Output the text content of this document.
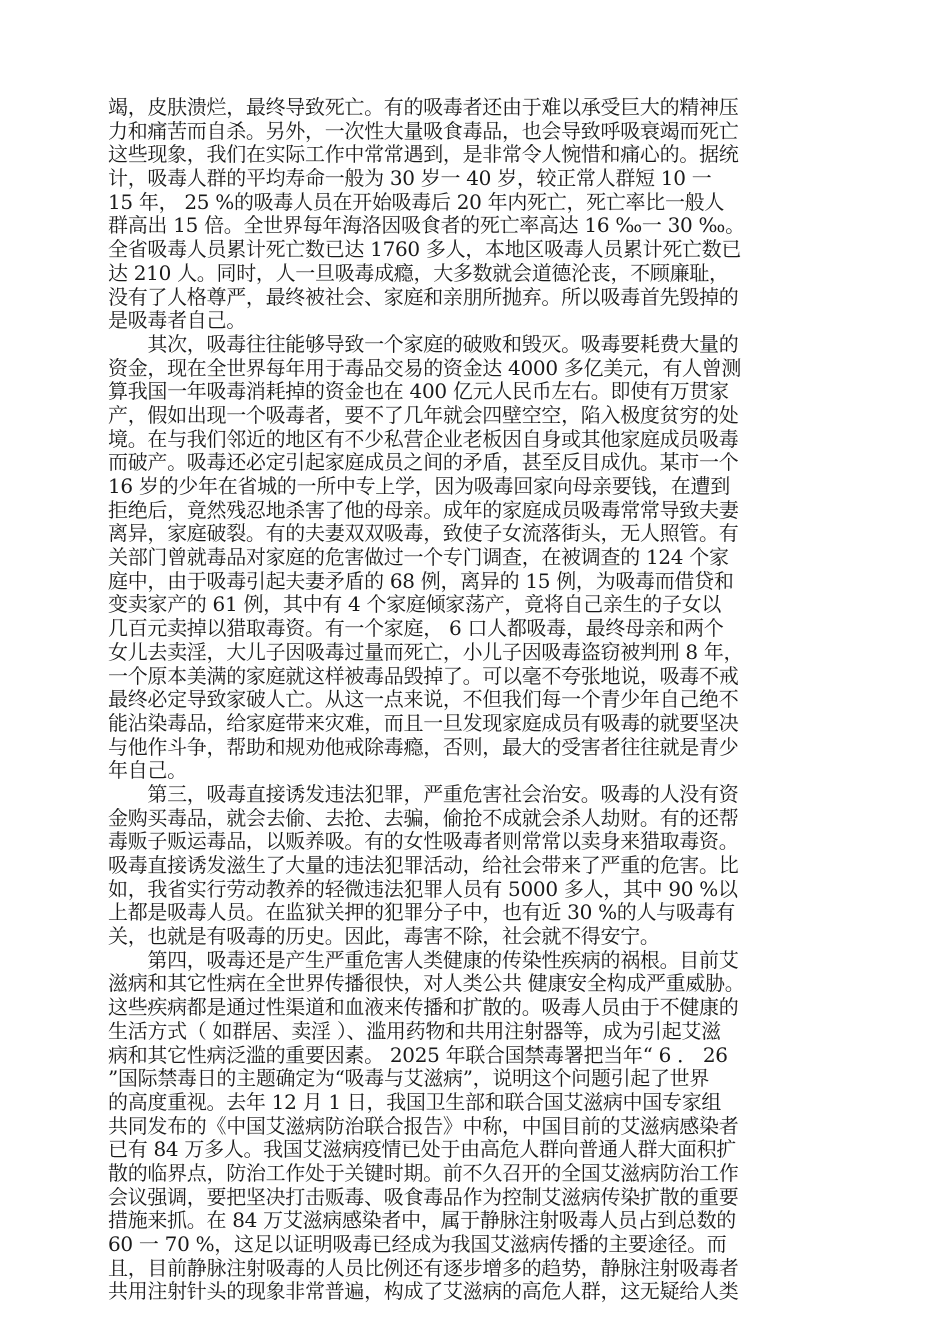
竭，皮肤溃烂，最终导致死亡。有的吸毒者还由于难以承受巨大的精神压
力和痛苦而自杀。另外，一次性大量吸食毒品，也会导致呼吸衰竭而死亡
这些现象，我们在实际工作中常常遇到，是非常令人惋惜和痛心的。据统
计，吸毒人群的平均寿命一般为 30 岁一 40 岁，较正常人群短 10 一
15 年， 25 %的吸毒人员在开始吸毒后 20 年内死亡，死亡率比一般人
群高出 15 倍。全世界每年海洛因吸食者的死亡率高达 16 ‰一 30 ‰。
全省吸毒人员累计死亡数已达 1760 多人，本地区吸毒人员累计死亡数已
达 210 人。同时，人一旦吸毒成瘾，大多数就会道德沦丧，不顾廉耻，
没有了人格尊严，最终被社会、家庭和亲朋所抛弃。所以吸毒首先毁掉的
是吸毒者自己。
　　其次，吸毒往往能够导致一个家庭的破败和毁灭。吸毒要耗费大量的
资金，现在全世界每年用于毒品交易的资金达 4000 多亿美元，有人曾测
算我国一年吸毒消耗掉的资金也在 400 亿元人民币左右。即使有万贯家
产，假如出现一个吸毒者，要不了几年就会四壁空空，陷入极度贫穷的处
境。在与我们邻近的地区有不少私营企业老板因自身或其他家庭成员吸毒
而破产。吸毒还必定引起家庭成员之间的矛盾，甚至反目成仇。某市一个
16 岁的少年在省城的一所中专上学，因为吸毒回家向母亲要钱，在遭到
拒绝后，竟然残忍地杀害了他的母亲。成年的家庭成员吸毒常常导致夫妻
离异，家庭破裂。有的夫妻双双吸毒，致使子女流落街头，无人照管。有
关部门曾就毒品对家庭的危害做过一个专门调查，在被调查的 124 个家
庭中，由于吸毒引起夫妻矛盾的 68 例，离异的 15 例，为吸毒而借贷和
变卖家产的 61 例，其中有 4 个家庭倾家荡产，竟将自己亲生的子女以
几百元卖掉以猎取毒资。有一个家庭， 6 口人都吸毒，最终母亲和两个
女儿去卖淫，大儿子因吸毒过量而死亡，小儿子因吸毒盗窃被判刑 8 年，
一个原本美满的家庭就这样被毒品毁掉了。可以毫不夸张地说，吸毒不戒
最终必定导致家破人亡。从这一点来说，不但我们每一个青少年自己绝不
能沾染毒品，给家庭带来灾难，而且一旦发现家庭成员有吸毒的就要坚决
与他作斗争，帮助和规劝他戒除毒瘾，否则，最大的受害者往往就是青少
年自己。
　　第三，吸毒直接诱发违法犯罪，严重危害社会治安。吸毒的人没有资
金购买毒品，就会去偷、去抢、去骗，偷抢不成就会杀人劫财。有的还帮
毒贩子贩运毒品，以贩养吸。有的女性吸毒者则常常以卖身来猎取毒资。
吸毒直接诱发滋生了大量的违法犯罪活动，给社会带来了严重的危害。比
如，我省实行劳动教养的轻微违法犯罪人员有 5000 多人，其中 90 %以
上都是吸毒人员。在监狱关押的犯罪分子中，也有近 30 %的人与吸毒有
关，也就是有吸毒的历史。因此，毒害不除，社会就不得安宁。
　　第四，吸毒还是产生严重危害人类健康的传染性疾病的祸根。目前艾
滋病和其它性病在全世界传播很快，对人类公共 健康安全构成严重威胁。
这些疾病都是通过性渠道和血液来传播和扩散的。吸毒人员由于不健康的
生活方式（ 如群居、卖淫 ）、滥用药物和共用注射器等，成为引起艾滋
病和其它性病泛滥的重要因素。 2025 年联合国禁毒署把当年“ 6 ． 26
”国际禁毒日的主题确定为“吸毒与艾滋病”，说明这个问题引起了世界
的高度重视。去年 12 月 1 日，我国卫生部和联合国艾滋病中国专家组
共同发布的《中国艾滋病防治联合报告》中称，中国目前的艾滋病感染者
已有 84 万多人。我国艾滋病疫情已处于由高危人群向普通人群大面积扩
散的临界点，防治工作处于关键时期。前不久召开的全国艾滋病防治工作
会议强调，要把坚决打击贩毒、吸食毒品作为控制艾滋病传染扩散的重要
措施来抓。在 84 万艾滋病感染者中，属于静脉注射吸毒人员占到总数的
60 一 70 %，这足以证明吸毒已经成为我国艾滋病传播的主要途径。而
且，目前静脉注射吸毒的人员比例还有逐步增多的趋势，静脉注射吸毒者
共用注射针头的现象非常普遍，构成了艾滋病的高危人群，这无疑给人类
